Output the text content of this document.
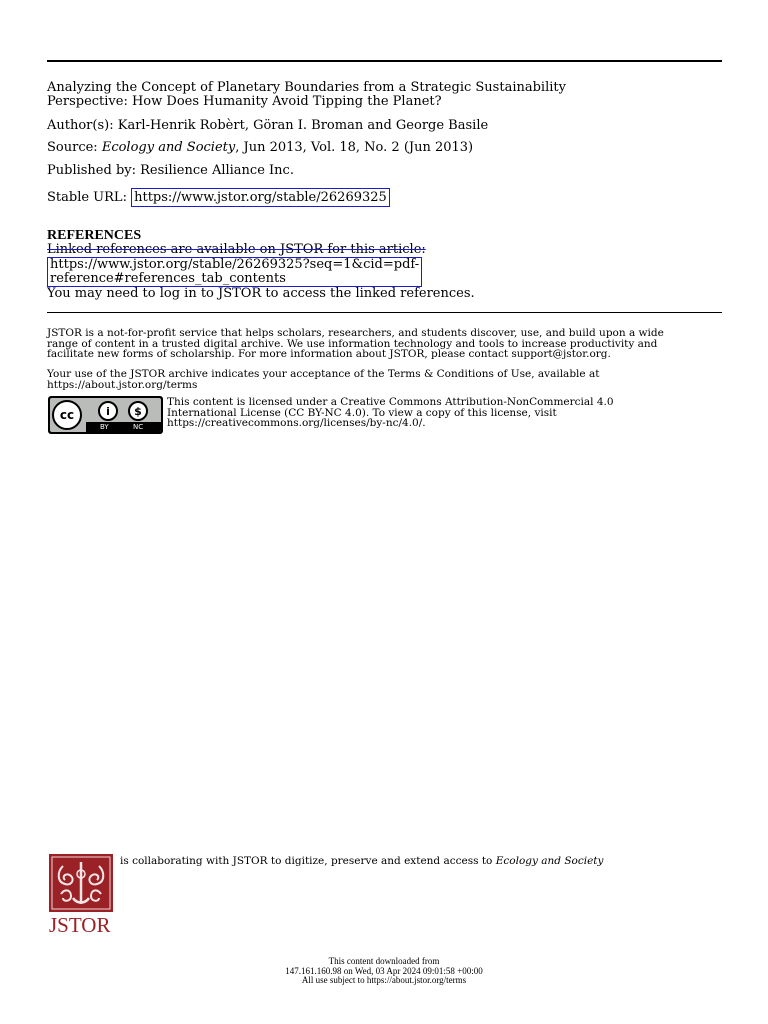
Analyzing the Concept of Planetary Boundaries from a Strategic Sustainability
Perspective: How Does Humanity Avoid Tipping the Planet?
Author(s): Karl-Henrik Robèrt, Göran I. Broman and George Basile
Source: Ecology and Society, Jun 2013, Vol. 18, No. 2 (Jun 2013)
Published by: Resilience Alliance Inc.
Stable URL: https://www.jstor.org/stable/26269325
REFERENCES
Linked references are available on JSTOR for this article:
https://www.jstor.org/stable/26269325?seq=1&cid=pdf-
reference#references_tab_contents
You may need to log in to JSTOR to access the linked references.
JSTOR is a not-for-profit service that helps scholars, researchers, and students discover, use, and build upon a wide
range of content in a trusted digital archive. We use information technology and tools to increase productivity and
facilitate new forms of scholarship. For more information about JSTOR, please contact support@jstor.org.
Your use of the JSTOR archive indicates your acceptance of the Terms & Conditions of Use, available at
https://about.jstor.org/terms
cc	i	$
BY	NC
This content is licensed under a Creative Commons Attribution-NonCommercial 4.0
International License (CC BY-NC 4.0). To view a copy of this license, visit
https://creativecommons.org/licenses/by-nc/4.0/.
JSTOR
is collaborating with JSTOR to digitize, preserve and extend access to Ecology and Society
This content downloaded from
147.161.160.98 on Wed, 03 Apr 2024 09:01:58 +00:00
All use subject to https://about.jstor.org/terms
